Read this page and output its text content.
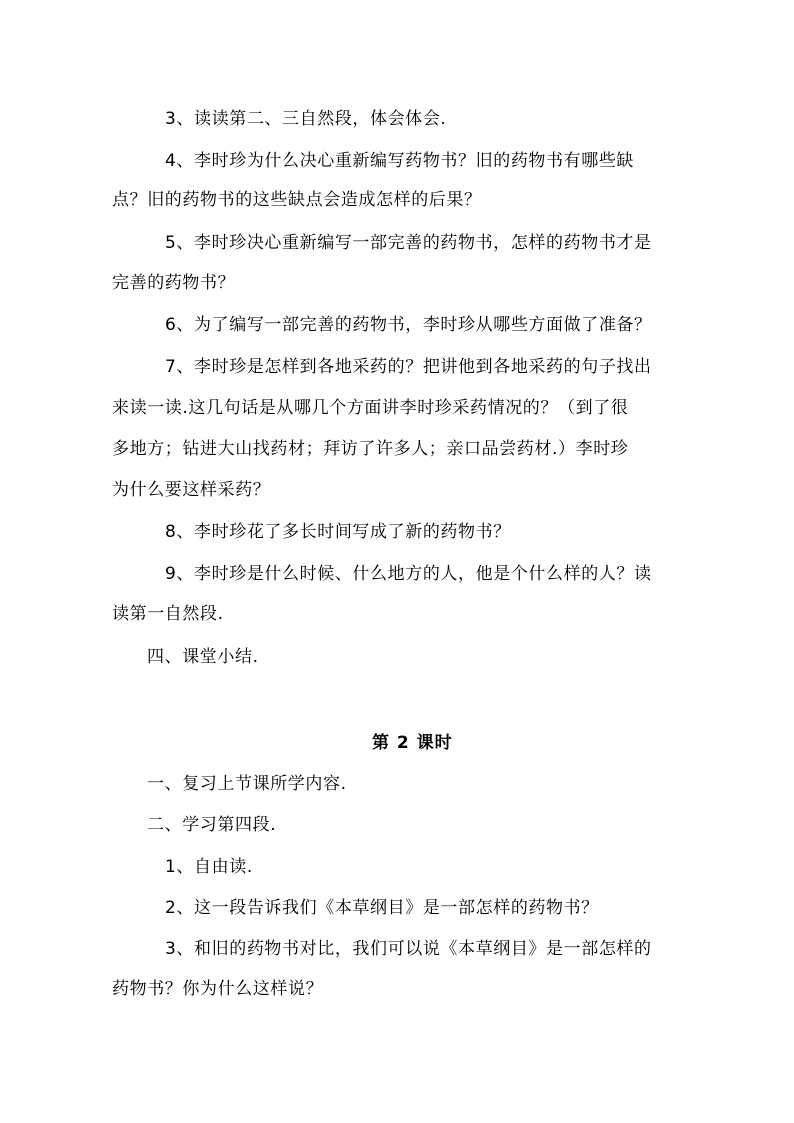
3、读读第二、三自然段，体会体会.
4、李时珍为什么决心重新编写药物书？旧的药物书有哪些缺
点？旧的药物书的这些缺点会造成怎样的后果？
5、李时珍决心重新编写一部完善的药物书，怎样的药物书才是
完善的药物书？
6、为了编写一部完善的药物书，李时珍从哪些方面做了准备？
7、李时珍是怎样到各地采药的？把讲他到各地采药的句子找出
来读一读.这几句话是从哪几个方面讲李时珍采药情况的？（到了很
多地方；钻进大山找药材；拜访了许多人；亲口品尝药材.）李时珍
为什么要这样采药？
8、李时珍花了多长时间写成了新的药物书？
9、李时珍是什么时候、什么地方的人，他是个什么样的人？读
读第一自然段.
四、课堂小结.
第 2 课时
一、复习上节课所学内容.
二、学习第四段.
1、自由读.
2、这一段告诉我们《本草纲目》是一部怎样的药物书？
3、和旧的药物书对比，我们可以说《本草纲目》是一部怎样的
药物书？你为什么这样说？
